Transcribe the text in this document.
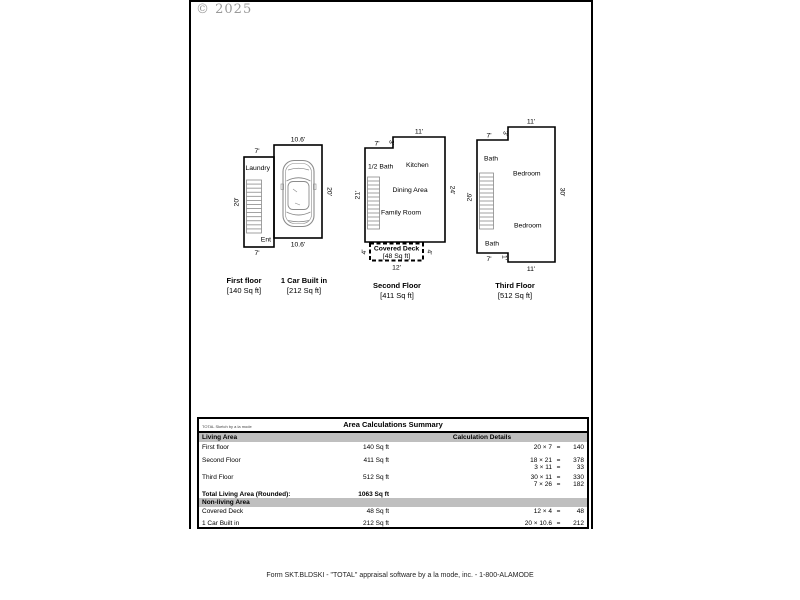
© 2025
Laundry
Ent
7'
7'
20'
10.6'
10.6'
20'
1/2 Bath Kitchen
Dining Area
Family Room
7' 3'
11'
21'
24'
Covered Deck
[48 Sq ft]
4'	4'
12'
Bath
Bedroom
Bedroom
Bath
7' 3'
11'
26'
30'
7' 1'
11'
First floor
[140 Sq ft]
1 Car Built in
[212 Sq ft]
Second Floor
[411 Sq ft]
Third Floor
[512 Sq ft]
TOTAL Sketch by a la mode	Area Calculations Summary
Living Area	Calculation Details
First floor	140 Sq ft	20 × 7 =	140
Second Floor	411 Sq ft	18 × 21 =	378
3 × 11 =	33
Third Floor	512 Sq ft	30 × 11 =	330
7 × 26 =	182
Total Living Area (Rounded):	1063 Sq ft
Non-living Area
Covered Deck	48 Sq ft	12 × 4 =	48
1 Car Built in	212 Sq ft	20 × 10.6 =	212
Form SKT.BLDSKI - "TOTAL" appraisal software by a la mode, inc. - 1-800-ALAMODE
